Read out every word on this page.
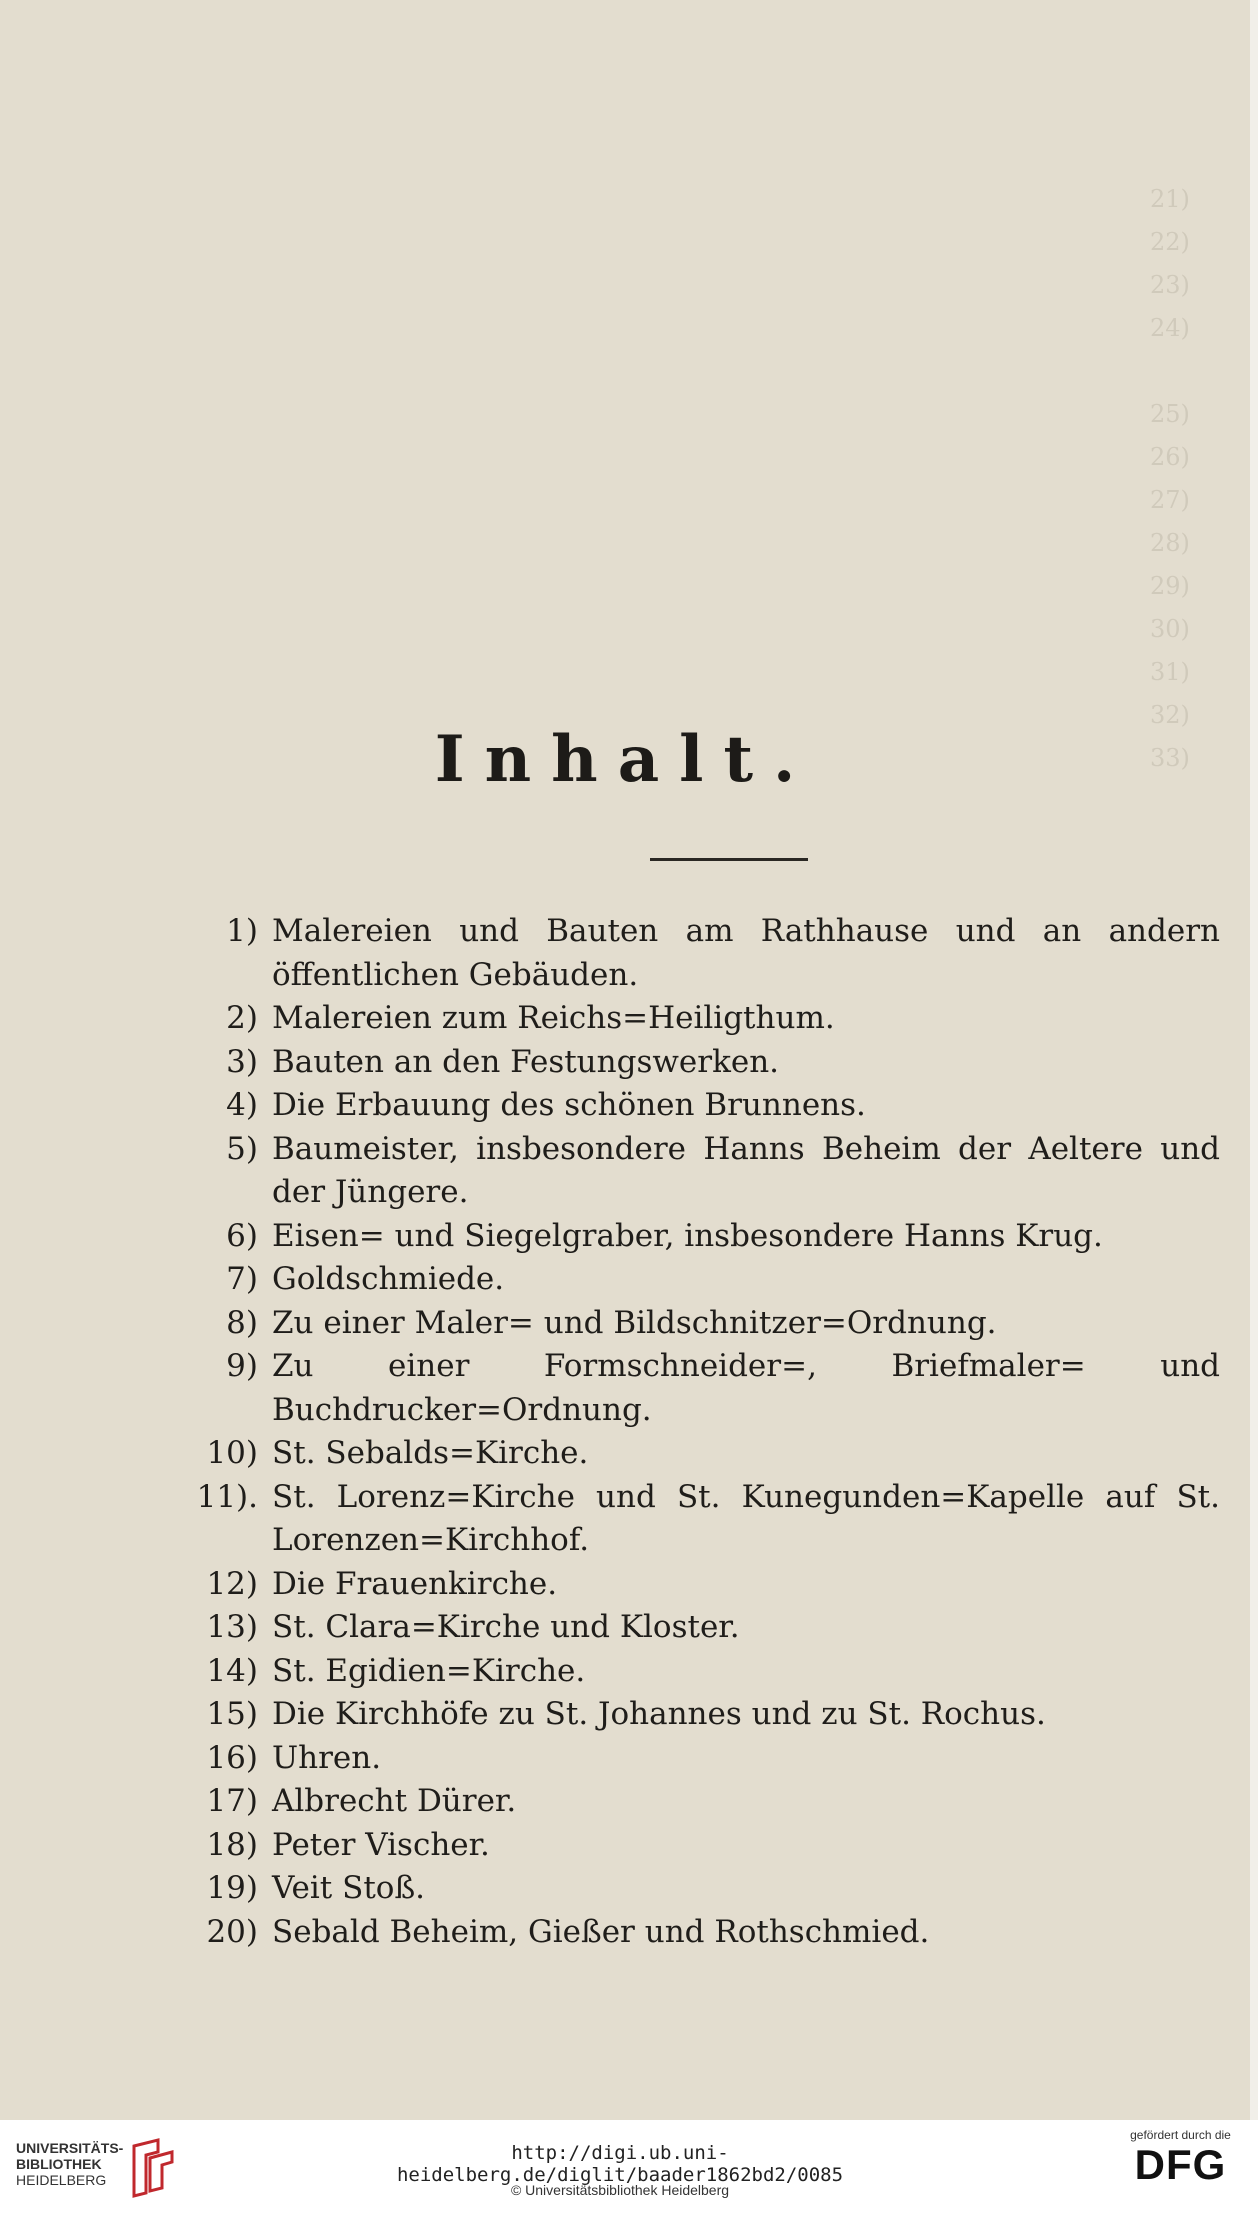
21)
22)
23)
24)

25)
26)
27)
28)
29)
30)
31)
32)
33)
Inhalt.
1) Malereien und Bauten am Rathhause und an andern öffentlichen Gebäuden.
2) Malereien zum Reichs=Heiligthum.
3) Bauten an den Festungswerken.
4) Die Erbauung des schönen Brunnens.
5) Baumeister, insbesondere Hanns Beheim der Aeltere und der Jüngere.
6) Eisen= und Siegelgraber, insbesondere Hanns Krug.
7) Goldschmiede.
8) Zu einer Maler= und Bildschnitzer=Ordnung.
9) Zu einer Formschneider=, Briefmaler= und Buchdrucker=Ordnung.
10) St. Sebalds=Kirche.
11). St. Lorenz=Kirche und St. Kunegunden=Kapelle auf St. Lorenzen=Kirchhof.
12) Die Frauenkirche.
13) St. Clara=Kirche und Kloster.
14) St. Egidien=Kirche.
15) Die Kirchhöfe zu St. Johannes und zu St. Rochus.
16) Uhren.
17) Albrecht Dürer.
18) Peter Vischer.
19) Veit Stoß.
20) Sebald Beheim, Gießer und Rothschmied.
UNIVERSITÄTS-
BIBLIOTHEK
HEIDELBERG
http://digi.ub.uni-heidelberg.de/diglit/baader1862bd2/0085
© Universitätsbibliothek Heidelberg
gefördert durch die
DFG
